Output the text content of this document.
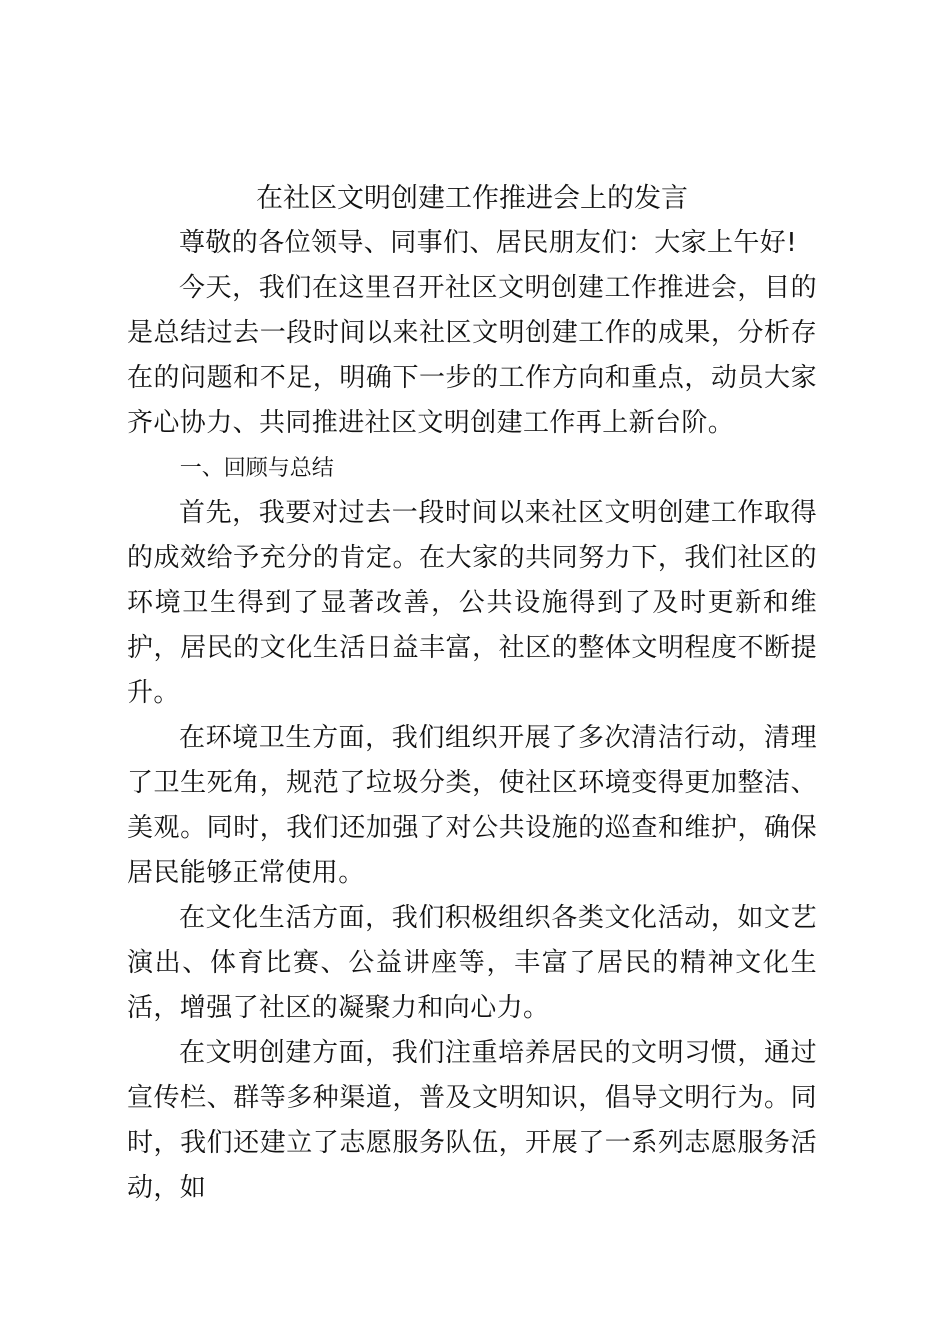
在社区文明创建工作推进会上的发言

尊敬的各位领导、同事们、居民朋友们：大家上午好!

今天，我们在这里召开社区文明创建工作推进会，目的是总结过去一段时间以来社区文明创建工作的成果，分析存在的问题和不足，明确下一步的工作方向和重点，动员大家齐心协力、共同推进社区文明创建工作再上新台阶。

一、回顾与总结

首先，我要对过去一段时间以来社区文明创建工作取得的成效给予充分的肯定。在大家的共同努力下，我们社区的环境卫生得到了显著改善，公共设施得到了及时更新和维护，居民的文化生活日益丰富，社区的整体文明程度不断提升。

在环境卫生方面，我们组织开展了多次清洁行动，清理了卫生死角，规范了垃圾分类，使社区环境变得更加整洁、美观。同时，我们还加强了对公共设施的巡查和维护，确保居民能够正常使用。

在文化生活方面，我们积极组织各类文化活动，如文艺演出、体育比赛、公益讲座等，丰富了居民的精神文化生活，增强了社区的凝聚力和向心力。

在文明创建方面，我们注重培养居民的文明习惯，通过宣传栏、群等多种渠道，普及文明知识，倡导文明行为。同时，我们还建立了志愿服务队伍，开展了一系列志愿服务活动，如
